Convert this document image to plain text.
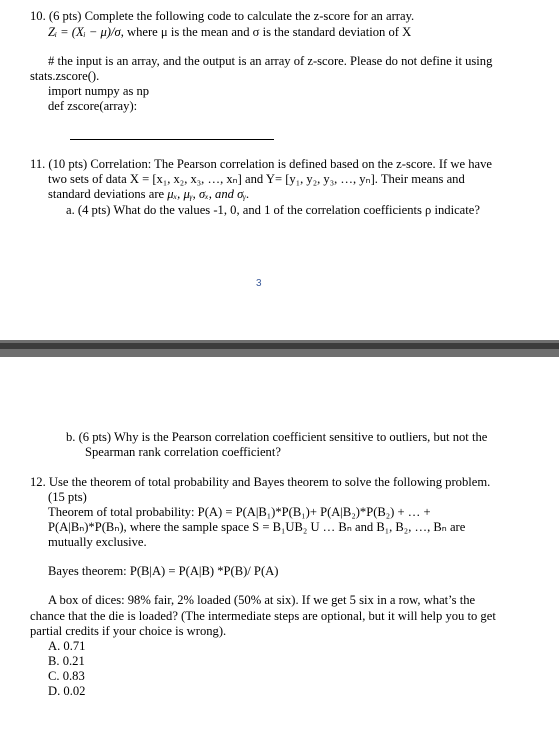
10. (6 pts) Complete the following code to calculate the z-score for an array.
Zᵢ = (Xᵢ − μ)/σ, where μ is the mean and σ is the standard deviation of X
# the input is an array, and the output is an array of z-score. Please do not define it using
stats.zscore().
import numpy as np
def zscore(array):
11. (10 pts) Correlation: The Pearson correlation is defined based on the z-score. If we have
two sets of data X = [x₁, x₂, x₃, …, xₙ] and Y= [y₁, y₂, y₃, …, yₙ]. Their means and
standard deviations are μₓ, μᵧ, σₓ, and σᵧ.
a. (4 pts) What do the values -1, 0, and 1 of the correlation coefficients ρ indicate?
3
b. (6 pts) Why is the Pearson correlation coefficient sensitive to outliers, but not the
Spearman rank correlation coefficient?
12. Use the theorem of total probability and Bayes theorem to solve the following problem.
(15 pts)
Theorem of total probability: P(A) = P(A|B₁)*P(B₁)+ P(A|B₂)*P(B₂) + … +
P(A|Bₙ)*P(Bₙ), where the sample space S = B₁UB₂ U … Bₙ and B₁, B₂, …, Bₙ are
mutually exclusive.
Bayes theorem: P(B|A) = P(A|B) *P(B)/ P(A)
A box of dices: 98% fair, 2% loaded (50% at six). If we get 5 six in a row, what’s the
chance that the die is loaded? (The intermediate steps are optional, but it will help you to get
partial credits if your choice is wrong).
A. 0.71
B. 0.21
C. 0.83
D. 0.02
